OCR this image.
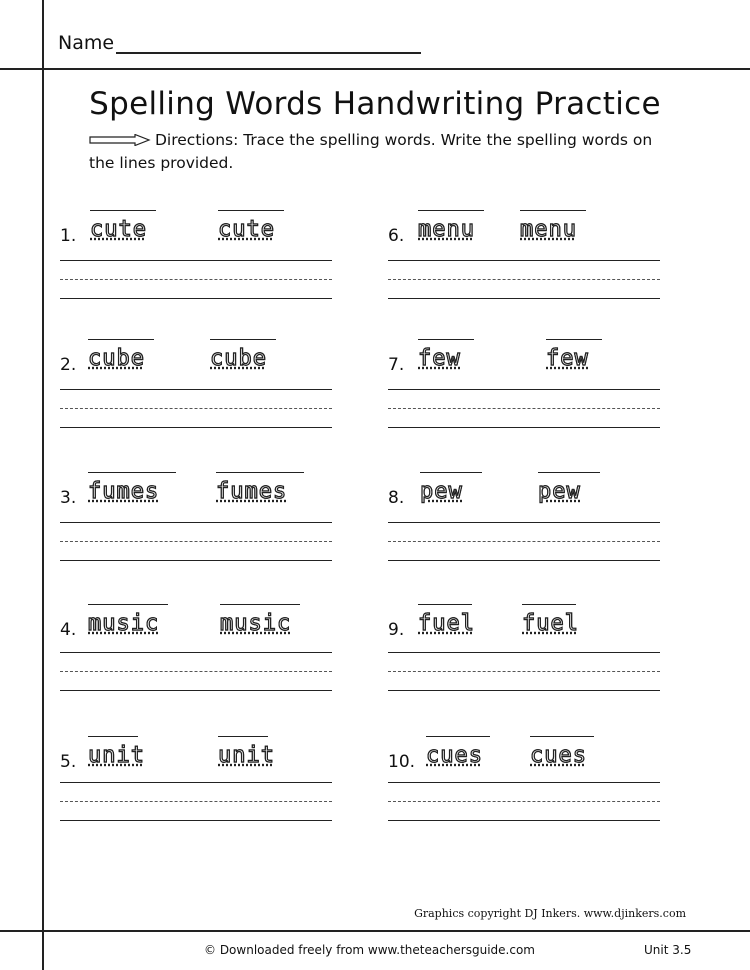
Name
Spelling Words Handwriting Practice
Directions: Trace the spelling words. Write the spelling words on the lines provided.
1. cute	cute
2. cube	cube
3. fumes	fumes
4. music	music
5. unit	unit
6. menu	menu
7. few	few
8. pew	pew
9. fuel fuel
10. cues	cues
Graphics copyright DJ Inkers. www.djinkers.com
© Downloaded freely from www.theteachersguide.com	Unit 3.5
